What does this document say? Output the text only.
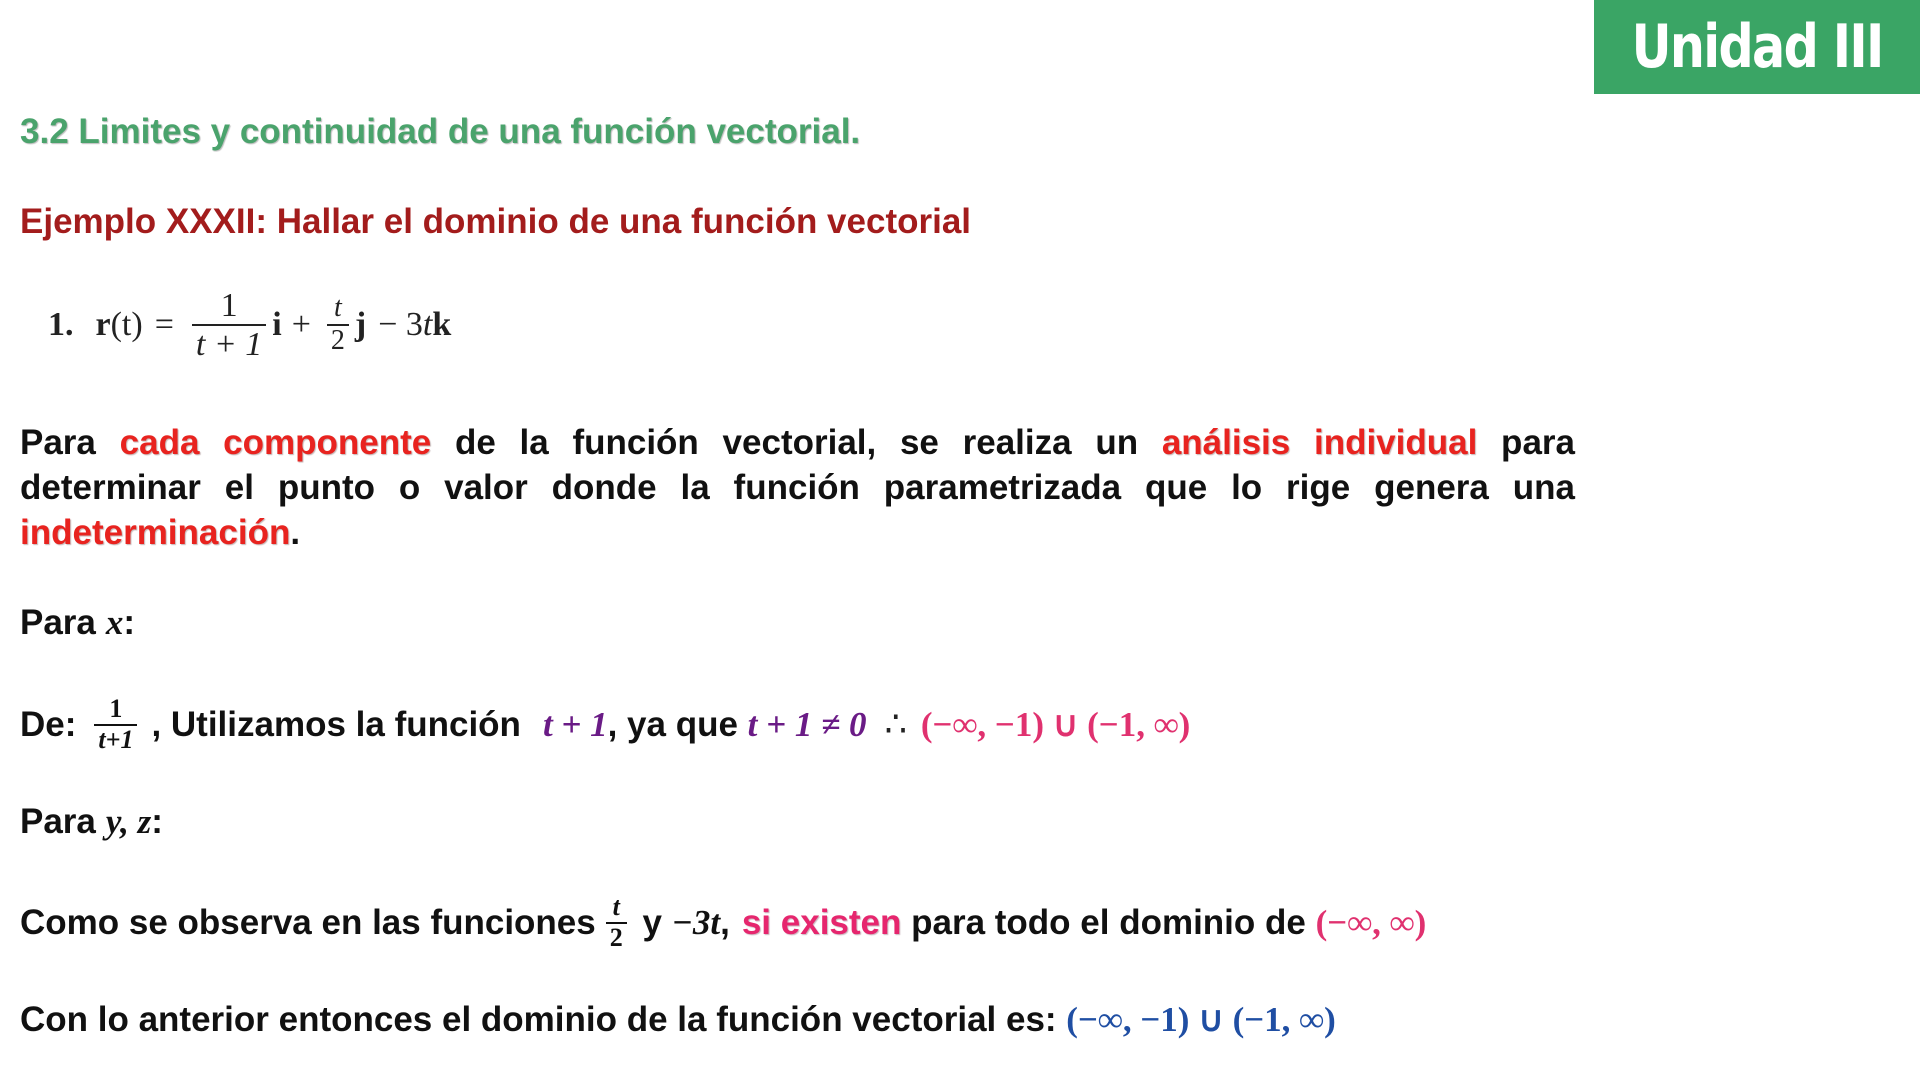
Unidad III
3.2 Limites y continuidad de una función vectorial.
Ejemplo XXXII: Hallar el dominio de una función vectorial
1. r $(t) = \frac{1}{t + 1}$ $i + \frac{t}{2}$ j − 3 t k
Para cada componente de la función vectorial, se realiza un análisis individual para determinar el punto o valor donde la función parametrizada que lo rige genera una indeterminación.
Para x :
De: $\frac{1}{t+1}$ , Utilizamos la función t + 1 , ya que t + 1 ≠ 0 ∴ (−∞, −1) ∪ (−1, ∞)
Para y, z :
Como se observa en las funciones $\frac{t}{2}$ y −3t , si existen para todo el dominio de (−∞, ∞)
Con lo anterior entonces el dominio de la función vectorial es: (−∞, −1) ∪ (−1, ∞)
